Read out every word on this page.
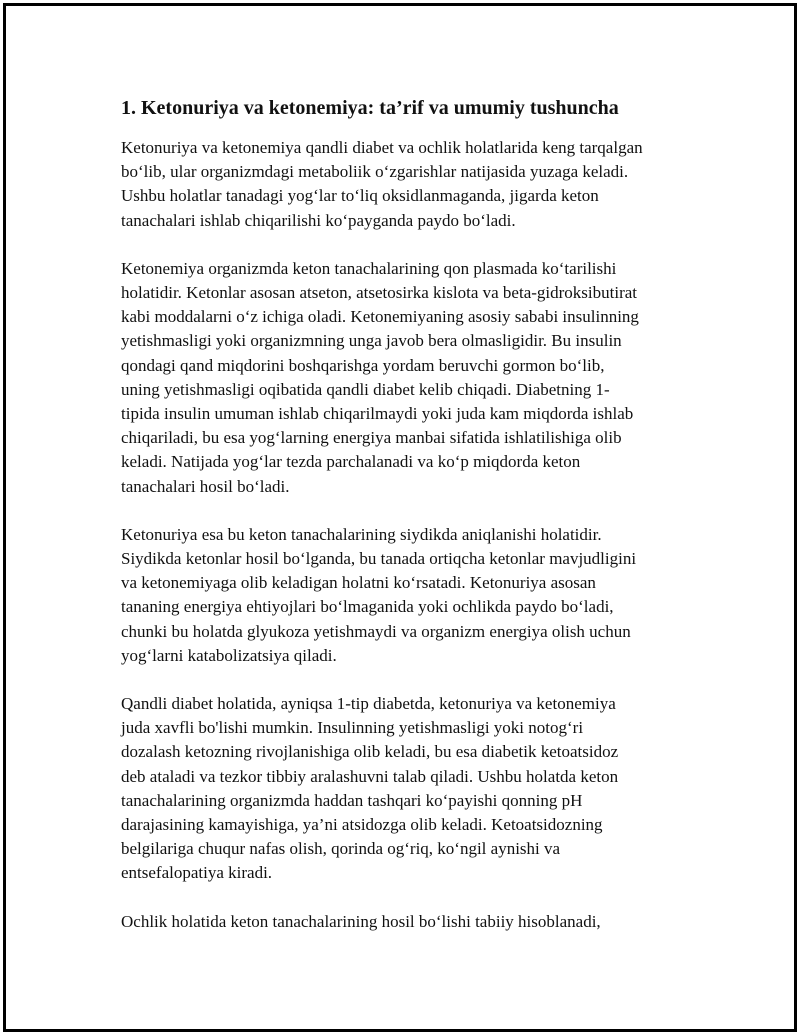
1. Ketonuriya va ketonemiya: ta’rif va umumiy tushuncha

Ketonuriya va ketonemiya qandli diabet va ochlik holatlarida keng tarqalgan
bo‘lib, ular organizmdagi metaboliik o‘zgarishlar natijasida yuzaga keladi.
Ushbu holatlar tanadagi yog‘lar to‘liq oksidlanmaganda, jigarda keton
tanachalari ishlab chiqarilishi ko‘payganda paydo bo‘ladi.

Ketonemiya organizmda keton tanachalarining qon plasmada ko‘tarilishi
holatidir. Ketonlar asosan atseton, atsetosirka kislota va beta-gidroksibutirat
kabi moddalarni o‘z ichiga oladi. Ketonemiyaning asosiy sababi insulinning
yetishmasligi yoki organizmning unga javob bera olmasligidir. Bu insulin
qondagi qand miqdorini boshqarishga yordam beruvchi gormon bo‘lib,
uning yetishmasligi oqibatida qandli diabet kelib chiqadi. Diabetning 1-
tipida insulin umuman ishlab chiqarilmaydi yoki juda kam miqdorda ishlab
chiqariladi, bu esa yog‘larning energiya manbai sifatida ishlatilishiga olib
keladi. Natijada yog‘lar tezda parchalanadi va ko‘p miqdorda keton
tanachalari hosil bo‘ladi.

Ketonuriya esa bu keton tanachalarining siydikda aniqlanishi holatidir.
Siydikda ketonlar hosil bo‘lganda, bu tanada ortiqcha ketonlar mavjudligini
va ketonemiyaga olib keladigan holatni ko‘rsatadi. Ketonuriya asosan
tananing energiya ehtiyojlari bo‘lmaganida yoki ochlikda paydo bo‘ladi,
chunki bu holatda glyukoza yetishmaydi va organizm energiya olish uchun
yog‘larni katabolizatsiya qiladi.

Qandli diabet holatida, ayniqsa 1-tip diabetda, ketonuriya va ketonemiya
juda xavfli bo'lishi mumkin. Insulinning yetishmasligi yoki notog‘ri
dozalash ketozning rivojlanishiga olib keladi, bu esa diabetik ketoatsidoz
deb ataladi va tezkor tibbiy aralashuvni talab qiladi. Ushbu holatda keton
tanachalarining organizmda haddan tashqari ko‘payishi qonning pH
darajasining kamayishiga, ya’ni atsidozga olib keladi. Ketoatsidozning
belgilariga chuqur nafas olish, qorinda og‘riq, ko‘ngil aynishi va
entsefalopatiya kiradi.

Ochlik holatida keton tanachalarining hosil bo‘lishi tabiiy hisoblanadi,
